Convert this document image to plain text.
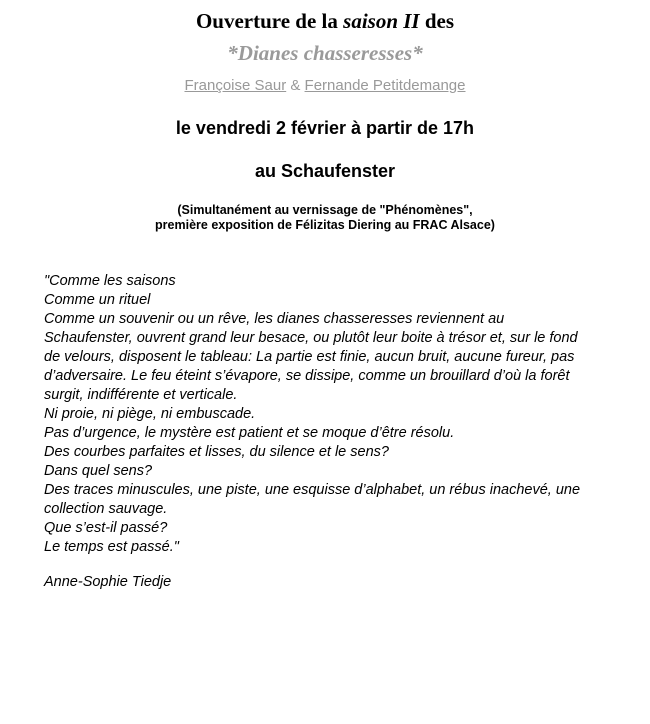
Ouverture de la saison II des
*Dianes chasseresses*
Françoise Saur & Fernande Petitdemange
le vendredi 2 février à partir de 17h
au Schaufenster
(Simultanément au vernissage de "Phénomènes",
première exposition de Félizitas Diering au FRAC Alsace)
"Comme les saisons
Comme un rituel
Comme un souvenir ou un rêve, les dianes chasseresses reviennent au
Schaufenster, ouvrent grand leur besace, ou plutôt leur boite à trésor et, sur le fond
de velours, disposent le tableau: La partie est finie, aucun bruit, aucune fureur, pas
d’adversaire. Le feu éteint s’évapore, se dissipe, comme un brouillard d’où la forêt
surgit, indifférente et verticale.
Ni proie, ni piège, ni embuscade.
Pas d’urgence, le mystère est patient et se moque d’être résolu.
Des courbes parfaites et lisses, du silence et le sens?
Dans quel sens?
Des traces minuscules, une piste, une esquisse d’alphabet, un rébus inachevé, une
collection sauvage.
Que s’est-il passé?
Le temps est passé."
Anne-Sophie Tiedje
